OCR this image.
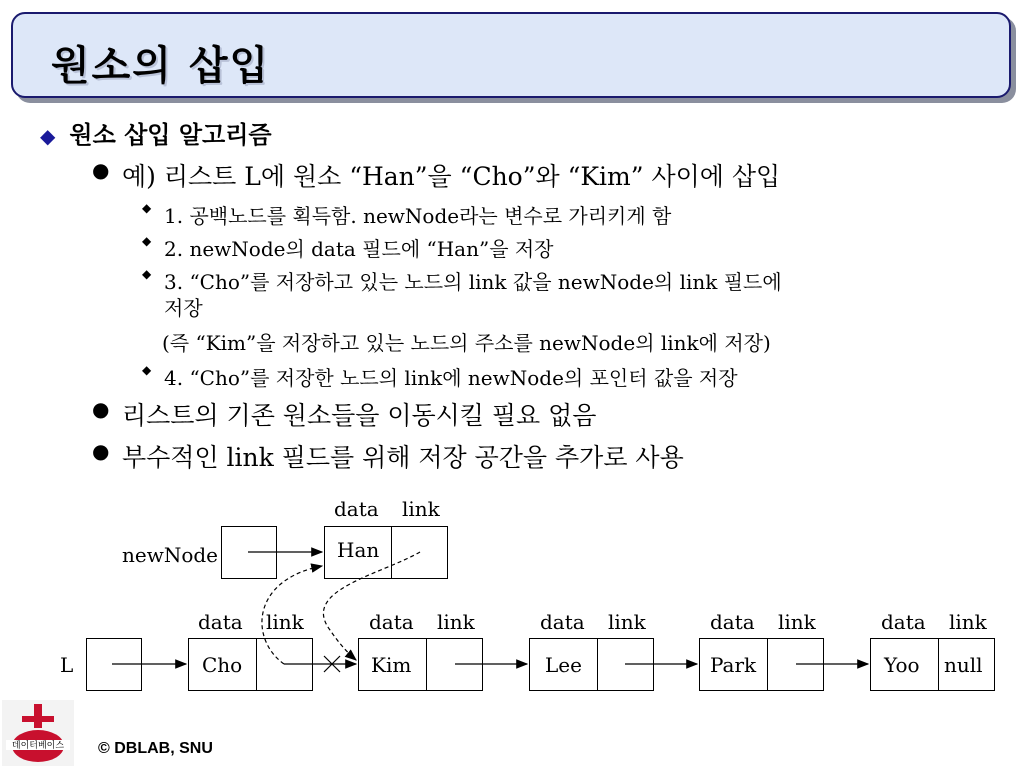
원소의 삽입
◆ 원소 삽입 알고리즘
● 예) 리스트 L에 원소 “Han”을 “Cho”와 “Kim” 사이에 삽입
◆ 1. 공백노드를 획득함. newNode라는 변수로 가리키게 함
◆ 2. newNode의 data 필드에 “Han”을 저장
◆ 3. “Cho”를 저장하고 있는 노드의 link 값을 newNode의 link 필드에
저장
(즉 “Kim”을 저장하고 있는 노드의 주소를 newNode의 link에 저장)
◆ 4. “Cho”를 저장한 노드의 link에 newNode의 포인터 값을 저장
● 리스트의 기존 원소들을 이동시킬 필요 없음
● 부수적인 link 필드를 위해 저장 공간을 추가로 사용
data link
newNode	Han
L
data link	data link	data link	data link	data link
Cho	Kim	Lee	Park	Yoo null
데이터베이스 © DBLAB, SNU
